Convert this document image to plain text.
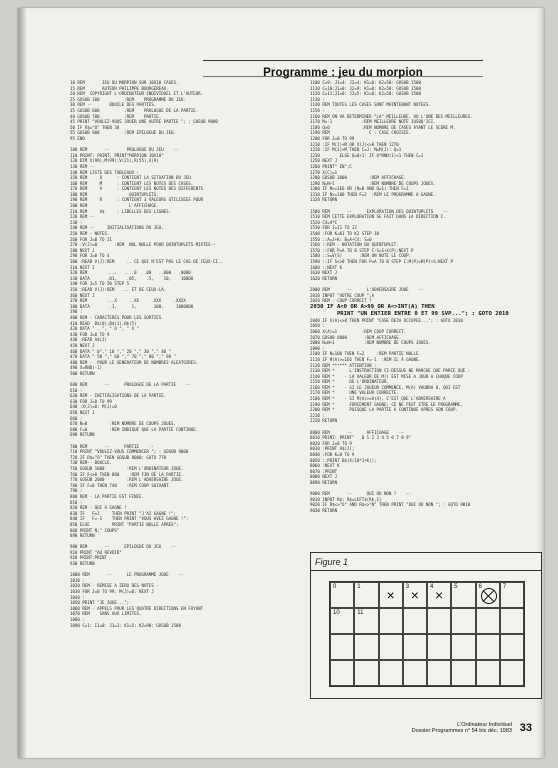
Programme : jeu du morpion
10 REM       JEU DU MORPION SUR 10X10 CASES.
15 REM       AUTEUR PHILIPPE BOURGEREAU.
20 REM  COPYRIGHT L'ORDINATEUR INDIVIDUEL ET L'AUTEUR.
25 GOSUB 100          :REM    PROGRAMME DU JEU.
30 REM --       BOUCLE DES PARTIES.
35 GOSUB 600          :REM    PROLOGUE DE LA PARTIE.
40 GOSUB 700          :REM    PARTIE.
45 PRINT "VOULEZ-VOUS JOUER UNE AUTRE PARTIE "; : GOSUB 9000
50 IF R$="O" THEN 30
55 GOSUB 900          :REM EPILOGUE DU JEU.
95 END
100 REM       --       PROLOGUE DU JEU    --
110 PRINT: PRINT: PRINT"MORPION 10X10"
120 DIM X(99),M(99),V(21),R(55),X(9)
130 REM --
140 REM LISTE DES TABLEAUX :
150 REM     X      : CONTIENT LA SITUATION DU JEU.
160 REM     M      : CONTIENT LES NOTES DES CASES.
170 REM     V      : CONTIENT LES NOTES DES DIFFERENTS
180 REM                 QUINTUPLETS.
190 REM     R      : CONTIENT 3 VALEURS UTILISEES POUR
200 REM                 L'AFFICHAGE.
210 REM     A$     : LIBELLES DES LIGNES.
220 REM --
230 :
240 REM --     INITIALISATIONS DU JEU.
250 REM - NOTES.
260 FOR J=0 TO 21
270 :V(J)=0       :REM  NUL NULLE POUR QUINTUPLETS MIXTES--
280 NEXT J
290 FOR J=0 TO 4
300 :READ V(J):REM     .. CE QUI N'EST PAS LE CAS DE CEUX-CI..
310 NEXT J
320 REM        ....   ....0   .00   ..000   .0000
330 DATA       .01,    .05,    .5,    10,    10000
340 FOR J=5 TO 20 STEP 5
350 :READ V(J):REM   ... ET DE CEUX-LA.
360 NEXT J
370 REM        ...X     ..XX     .XXX     .XXXX
380 DATA        .1,      1,       100,     1000000
390 :
400 REM - CARACTERES POUR LES SORTIES.
410 READ  B$(0),B$(1),B$(5)
420 DATA " . ", " O ", " X "
430 FOR J=0 TO 9
440 :READ A$(J)
450 NEXT J
460 DATA " 0"," 10 "," 20 "," 30 "," 40 "
470 DATA " 50 "," 60 "," 70 "," 80 "," 90 "
480 REM -  POUR LE GENERATEUR DE NOMBRES ALEATOIRES.
490 X=RND(-1)
500 RETURN
600 REM       --      PROLOGUE DE LA PARTIE    --
610 :
620 REM - INITIALISATIONS DE LA PARTIE.
630 FOR J=0 TO 99
640 :X(J)=0: M(J)=0
650 NEXT J
660 :
670 N=0         :REM NOMBRE DE COUPS JOUES.
680 F=0         :REM INDIQUE QUE LA PARTIE CONTINUE.
690 RETURN
700 REM       --      PARTIE    --
710 PRINT "VOULEZ-VOUS COMMENCER "; : GOSUB 9000
720 IF R$="O" THEN GOSUB 8000: GOTO 770
730 REM-- BOUCLE.
750 GOSUB 1000         :REM L'ORDINATEUR JOUE.
760 IF F<>0 THEN 800    :REM FIN DE LA PARTIE.
770 GOSUB 2000         :REM L'ADVERSAIRE JOUE.
780 IF F=0 THEN 740    :REM COUP SUIVANT.
790 :
800 REM - LA PARTIE EST FINIE.
810 :
820 REM - QUI A GAGNE ?
830 IF   F=1     THEN PRINT "J'AI GAGNE !";
840 IF   F=-1    THEN PRINT "VOUS AVEZ GAGNE !";
850 ELSE         PRINT "PARTIE NULLE APRES";
860 PRINT N;" COUPS"
890 RETURN
900 REM       --      EPILOGUE DU JEU    --
910 PRINT "AU REVOIR"
920 PRINT:PRINT
930 RETURN
1000 REM       --      LE PROGRAMME JOUE    --
1010 :
1020 REM - REMISE A ZERO DES NOTES -
1030 FOR J=0 TO 99: M(J)=0: NEXT J
1040 :
1050 PRINT "JE JOUE...";
1060 REM - APPELS POUR LES QUATRE DIRECTIONS EN FUYANT
1070 REM    SANS AUX LIMITES.
1080 :
1090 C=1: I1=0: J1=1: K1=5: K2=90: GOSUB 1500
1100 C=9: J1=4: J2=4: K1=0: K2=50: GOSUB 1500
1110 C=10:J1=0: J2=9: K1=0: K2=50: GOSUB 1500
1120 C=11:J1=0: J2=5: K1=0: K2=50: GOSUB 1500
1130 :
1140 REM TOUTES LES CASES SONT MAINTENANT NOTEES.
1150 :
1160 REM ON VA DETERMINER "LA" MEILLEURE, OU L'UNE DES MEILLEURES.
1170 M=-1            :REM MEILLEURE NOTE JUSQU'ICI.
1180 Q=0             :REM NOMBRE DE CASES AYANT LE SCORE M.
1190 REM                C : CASE CHOISIE.
1200 FOR J=0 TO 99
1210 :IF M(J)<M OR X(J)<>0 THEN 1270
1220 :IF M(J)>M THEN C=J: M=M(J): Q=1
1230        ELSE Q=Q+1: IF Q*RND(1)<1 THEN C=J
1250 NEXT J
1260 PRINT" EN";C
1270 X(C)=1
1280 GOSUB 3000         :REM AFFICHAGE.
1290 N=N+1              :REM NOMBRE DE COUPS JOUES.
1300 IF M>=1E6 OR (N=0 AND Q=1) THEN F=1
1310 IF N>=100 THEN F=2  :REM LE PROGRAMME A GAGNE.
1320 RETURN
1500 REM       --      EXPLORATION DES QUINTUPLETS    --
1510 REM CETTE EXPLORATION SE FAIT DANS LA DIRECTION C.
1520 C4=4*C
1530 FOR J=I1 TO J2
1540 :FOR K=K1 TO K2 STEP 10
1550 ::A=J+K: B=A+C4: S=0
1560 ::REM - NOTATION DU QUINTUPLET.
1570 ::FOR P=A TO B STEP C:S=S+X(P):NEXT P
1580 ::S=V(S)       :REM ON NOTE LE COUP.
1590 ::IF S<>0 THEN FOR P=A TO B STEP C:M(P)=M(P)+S:NEXT P
1600 ::NEXT K
1610 NEXT J
1620 RETURN
2000 REM       --      L'ADVERSAIRE JOUE    --
2010 INPUT "VOTRE COUP ";A
2020 REM - COUP CORRECT ?
2030 IF A<0 OR A>99 OR A<>INT(A) THEN
PRINT "UN ENTIER ENTRE 0 ET 99 SVP..."; : GOTO 2010
2040 IF X(A)<>0 THEN PRINT "CASE DEJA OCCUPEE..."; : GOTO 2010
2050 :
2060 X(A)=1          :REM COUP CORRECT.
2070 GOSUB 8000       :REM AFFICHAGE.
2080 N=N+1            :REM NOMBRE DE COUPS JOUES.
2090 :
2100 IF N=100 THEN F=2     :REM PARTIE NULLE.
2110 IF M(A)>=1E6 THEN F=-1  :REM IL A GAGNE.
2120 REM ****** ATTENTION :
2130 REM *      L'INSTRUCTION CI-DESSUS NE MARCHE QUE PARCE QUE :
2140 REM *    - LA VALEUR DE M() EST MISE A JOUR A CHAQUE COUP
2150 REM *      DE L'ORDINATEUR.
2160 REM *    - SI LE JOUEUR COMMENCE, M(A) VAUDRA 0, QUI EST
2170 REM *      UNE VALEUR CORRECTE.
2180 REM *    - SI M(A)>=V(4), C'EST QUE L'ADVERSAIRE A
2190 REM *      FORCEMENT GAGNE; CE NE PEUT ETRE LE PROGRAMME,
2200 REM *      PUISQUE LA PARTIE A CONTINUE APRES SON COUP.
2210 :
2220 RETURN
8000 REM       --      AFFICHAGE    --
8010 PRINT: PRINT"   0 1 2 3 4 5 6 7 8 9"
8020 FOR J=0 TO 9
8030 :PRINT A$(J);
8040 :FOR K=0 TO 9
8050 ::PRINT B$(X(10*J+K));
8060 :NEXT K
8070 :PRINT
8080 NEXT J
8090 RETURN
9000 REM       --      OUI OU NON ?    --
9010 INPUT R$: R$=LEFT$(R$,1)
9020 IF R$<>"O" AND R$<>"N" THEN PRINT "OUI OU NON "; : GOTO 9010
9030 RETURN
Figure 1
0	1	×	3 ×	4 ×	5	6	7
10	11
L'Ordinateur Individuel
Dossier Programmes n° 54 bis déc. 1983 33
